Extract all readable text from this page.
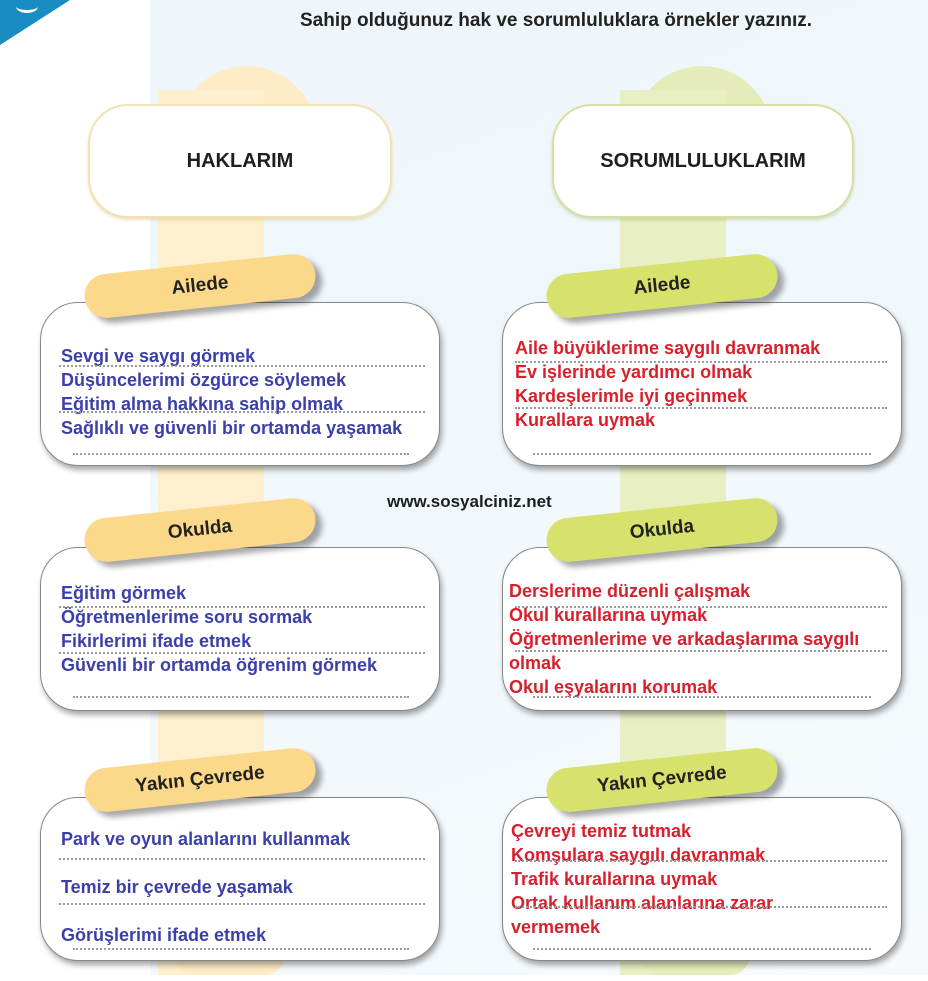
Sahip olduğunuz hak ve sorumluluklara örnekler yazınız.
HAKLARIM	SORUMLULUKLARIM
Sevgi ve saygı görmek
Düşüncelerimi özgürce söylemek
Eğitim alma hakkına sahip olmak
Sağlıklı ve güvenli bir ortamda yaşamak
Ailede
Eğitim görmek
Öğretmenlerime soru sormak
Fikirlerimi ifade etmek
Güvenli bir ortamda öğrenim görmek
Okulda
Park ve oyun alanlarını kullanmak
Temiz bir çevrede yaşamak
Görüşlerimi ifade etmek
Yakın Çevrede
Aile büyüklerime saygılı davranmak
Ev işlerinde yardımcı olmak
Kardeşlerimle iyi geçinmek
Kurallara uymak
Ailede
Derslerime düzenli çalışmak
Okul kurallarına uymak
Öğretmenlerime ve arkadaşlarıma saygılı
olmak
Okul eşyalarını korumak
Okulda
Çevreyi temiz tutmak
Komşulara saygılı davranmak
Trafik kurallarına uymak
Ortak kullanım alanlarına zarar
vermemek
Yakın Çevrede
www.sosyalciniz.net
